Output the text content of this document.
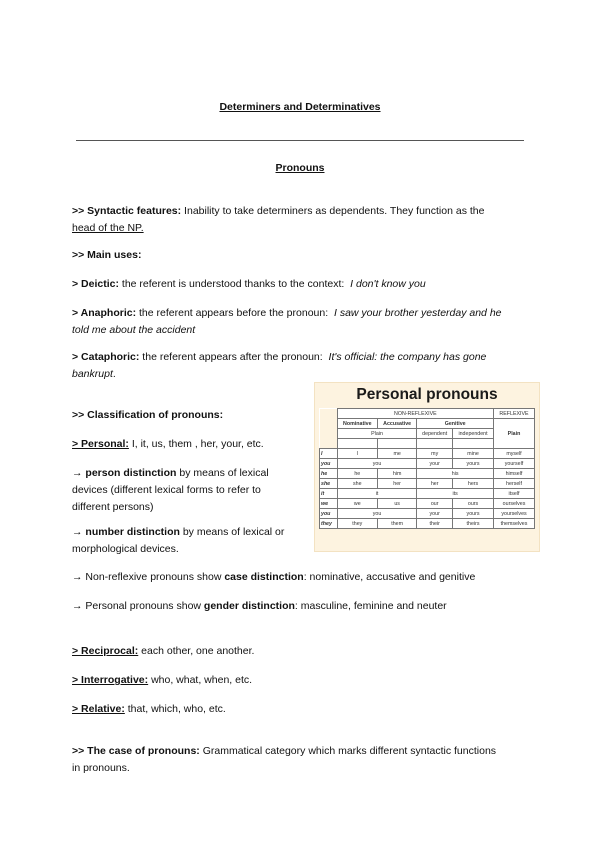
Determiners and Determinatives
Pronouns
>> Syntactic features: Inability to take determiners as dependents. They function as the
head of the NP.
>> Main uses:
> Deictic: the referent is understood thanks to the context: I don't know you
> Anaphoric: the referent appears before the pronoun: I saw your brother yesterday and he
told me about the accident
> Cataphoric: the referent appears after the pronoun: It's official: the company has gone
bankrupt.
>> Classification of pronouns:
> Personal: I, it, us, them , her, your, etc.
→ person distinction by means of lexical
devices (different lexical forms to refer to
different persons)
→ number distinction by means of lexical or
morphological devices.
→ Non-reflexive pronouns show case distinction: nominative, accusative and genitive
→ Personal pronouns show gender distinction: masculine, feminine and neuter
> Reciprocal: each other, one another.
> Interrogative: who, what, when, etc.
> Relative: that, which, who, etc.
>> The case of pronouns: Grammatical category which marks different syntactic functions
in pronouns.
Personal pronouns
	NON-REFLEXIVE				REFLEXIVE
	Nominative	Accusative	Genitive		Plain
	Plain		dependent	independent	

I	I	me	my	mine	myself
you	you		your	yours	yourself
he	he	him	his		himself
she	she	her	her	hers	herself
it	it		its		itself
we	we	us	our	ours	ourselves
you	you		your	yours	yourselves
they	they	them	their	theirs	themselves
